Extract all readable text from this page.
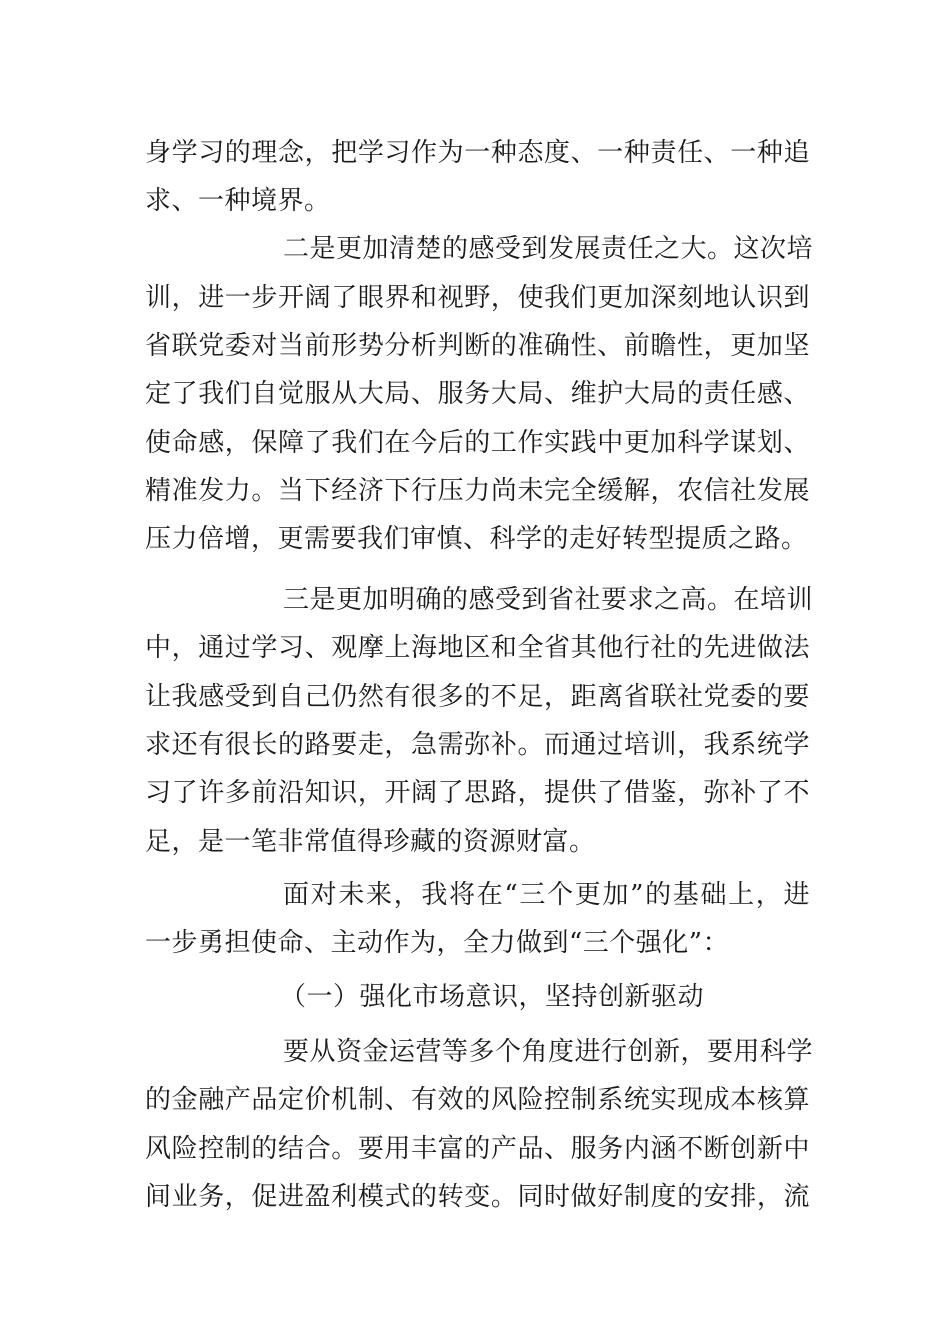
身学习的理念，把学习作为一种态度、一种责任、一种追
求、一种境界。
二是更加清楚的感受到发展责任之大。这次培
训，进一步开阔了眼界和视野，使我们更加深刻地认识到
省联党委对当前形势分析判断的准确性、前瞻性，更加坚
定了我们自觉服从大局、服务大局、维护大局的责任感、
使命感，保障了我们在今后的工作实践中更加科学谋划、
精准发力。当下经济下行压力尚未完全缓解，农信社发展
压力倍增，更需要我们审慎、科学的走好转型提质之路。
三是更加明确的感受到省社要求之高。在培训
中，通过学习、观摩上海地区和全省其他行社的先进做法
让我感受到自己仍然有很多的不足，距离省联社党委的要
求还有很长的路要走，急需弥补。而通过培训，我系统学
习了许多前沿知识，开阔了思路，提供了借鉴，弥补了不
足，是一笔非常值得珍藏的资源财富。
面对未来，我将在“三个更加”的基础上，进
一步勇担使命、主动作为，全力做到“三个强化”：
（一）强化市场意识，坚持创新驱动
要从资金运营等多个角度进行创新，要用科学
的金融产品定价机制、有效的风险控制系统实现成本核算
风险控制的结合。要用丰富的产品、服务内涵不断创新中
间业务，促进盈利模式的转变。同时做好制度的安排，流
